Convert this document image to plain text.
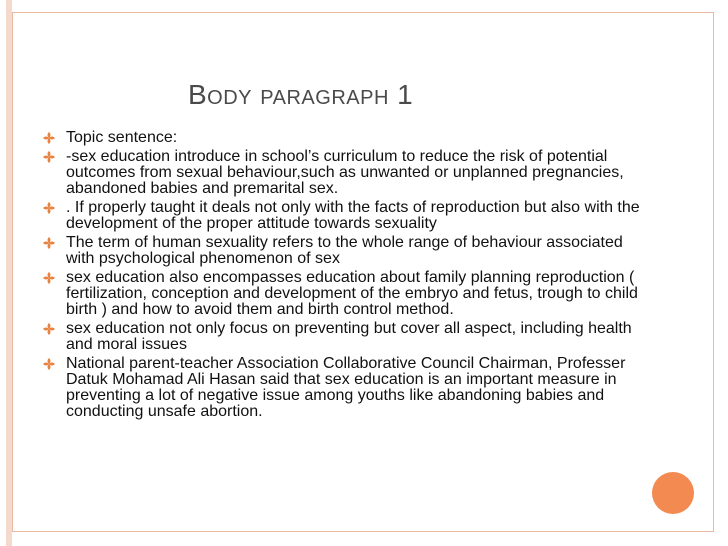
Body paragraph 1
Topic sentence:
-sex education introduce in school’s curriculum to reduce the risk of potential outcomes from sexual behaviour,such as unwanted or unplanned pregnancies, abandoned babies and premarital sex.
. If properly taught it deals not only with the facts of reproduction but also with the development of the proper attitude towards sexuality
The term of human sexuality refers to the whole range of behaviour associated with psychological phenomenon of sex
sex education also encompasses education about family planning reproduction ( fertilization, conception and development of the embryo and fetus, trough to child birth ) and how to avoid them and birth control method.
sex education not only focus on preventing but cover all aspect, including health and moral issues
National parent-teacher Association Collaborative Council Chairman, Professer Datuk Mohamad Ali Hasan said that sex education is an important measure in preventing a lot of negative issue among youths like abandoning babies and conducting unsafe abortion.
